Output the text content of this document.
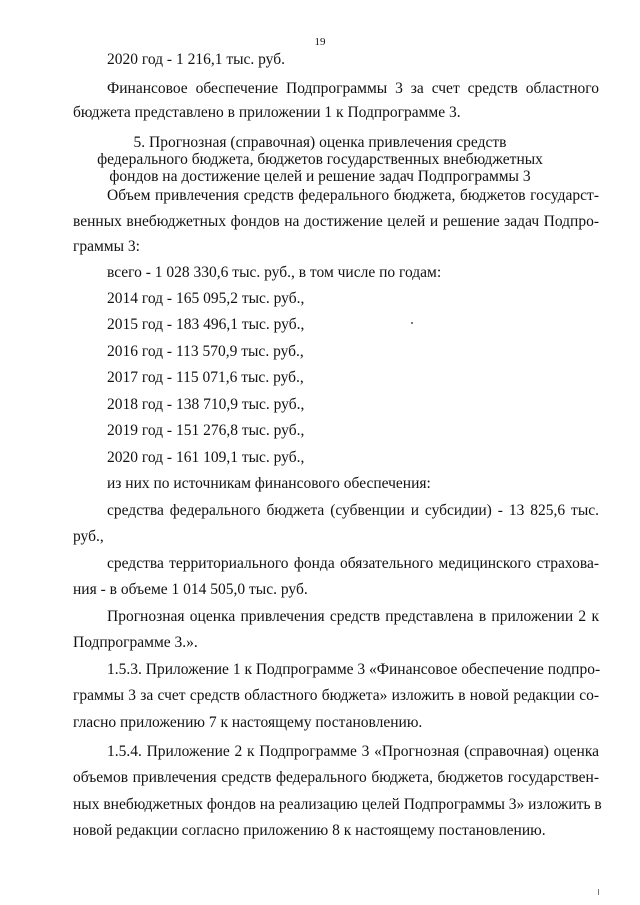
19
2020 год - 1 216,1 тыс. руб.
Финансовое обеспечение Подпрограммы 3 за счет средств областного
бюджета представлено в приложении 1 к Подпрограмме 3.
5. Прогнозная (справочная) оценка привлечения средств
федерального бюджета, бюджетов государственных внебюджетных
фондов на достижение целей и решение задач Подпрограммы 3
Объем привлечения средств федерального бюджета, бюджетов государст-
венных внебюджетных фондов на достижение целей и решение задач Подпро-
граммы 3:
всего - 1 028 330,6 тыс. руб., в том числе по годам:
2014 год - 165 095,2 тыс. руб.,
2015 год - 183 496,1 тыс. руб.,
2016 год - 113 570,9 тыс. руб.,
2017 год - 115 071,6 тыс. руб.,
2018 год - 138 710,9 тыс. руб.,
2019 год - 151 276,8 тыс. руб.,
2020 год - 161 109,1 тыс. руб.,
из них по источникам финансового обеспечения:
средства федерального бюджета (субвенции и субсидии) - 13 825,6 тыс.
руб.,
средства территориального фонда обязательного медицинского страхова-
ния - в объеме 1 014 505,0 тыс. руб.
Прогнозная оценка привлечения средств представлена в приложении 2 к
Подпрограмме 3.».
1.5.3. Приложение 1 к Подпрограмме 3 «Финансовое обеспечение подпро-
граммы 3 за счет средств областного бюджета» изложить в новой редакции со-
гласно приложению 7 к настоящему постановлению.
1.5.4. Приложение 2 к Подпрограмме 3 «Прогнозная (справочная) оценка
объемов привлечения средств федерального бюджета, бюджетов государствен-
ных внебюджетных фондов на реализацию целей Подпрограммы 3» изложить в
новой редакции согласно приложению 8 к настоящему постановлению.
